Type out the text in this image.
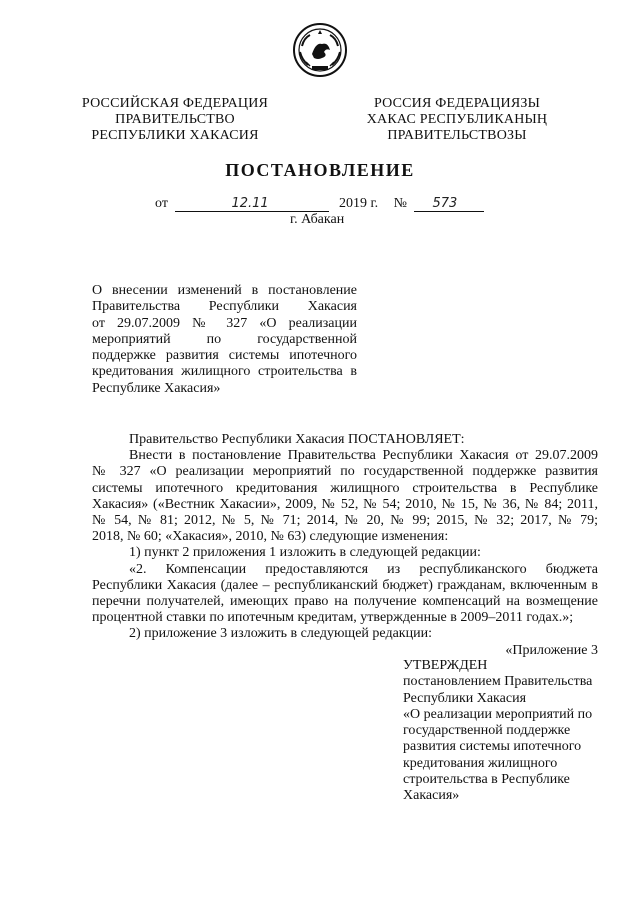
РОССИЙСКАЯ ФЕДЕРАЦИЯ
ПРАВИТЕЛЬСТВО
РЕСПУБЛИКИ ХАКАСИЯ
РОССИЯ ФЕДЕРАЦИЯЗЫ
ХАКАС РЕСПУБЛИКАНЫҢ
ПРАВИТЕЛЬСТВОЗЫ
ПОСТАНОВЛЕНИЕ
от	12.11	2019 г. № 573
г. Абакан
О внесении изменений в постановление
Правительства Республики Хакасия
от 29.07.2009 № 327 «О реализации
мероприятий по государственной
поддержке развития системы ипотечного
кредитования жилищного строительства в
Республике Хакасия»
Правительство Республики Хакасия ПОСТАНОВЛЯЕТ:
Внести в постановление Правительства Республики Хакасия от 29.07.2009
№ 327 «О реализации мероприятий по государственной поддержке развития
системы ипотечного кредитования жилищного строительства в Республике
Хакасия» («Вестник Хакасии», 2009, № 52, № 54; 2010, № 15, № 36, № 84; 2011,
№ 54, № 81; 2012, № 5, № 71; 2014, № 20, № 99; 2015, № 32; 2017, № 79;
2018, № 60; «Хакасия», 2010, № 63) следующие изменения:
1) пункт 2 приложения 1 изложить в следующей редакции:
«2. Компенсации предоставляются из республиканского бюджета
Республики Хакасия (далее – республиканский бюджет) гражданам, включенным в
перечни получателей, имеющих право на получение компенсаций на возмещение
процентной ставки по ипотечным кредитам, утвержденные в 2009–2011 годах.»;
2) приложение 3 изложить в следующей редакции:
«Приложение 3
УТВЕРЖДЕН
постановлением Правительства
Республики Хакасия
«О реализации мероприятий по
государственной поддержке
развития системы ипотечного
кредитования жилищного
строительства в Республике
Хакасия»
